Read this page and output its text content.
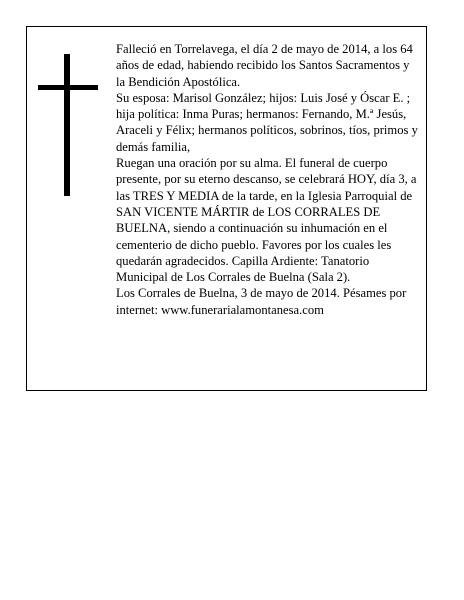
Falleció en Torrelavega, el día 2 de mayo de 2014, a los 64 años de edad, habiendo recibido los Santos Sacramentos y la Bendición Apostólica.

Su esposa: Marisol González; hijos: Luis José y Óscar E. ; hija política: Inma Puras; hermanos: Fernando, M.ª Jesús, Araceli y Félix; hermanos políticos, sobrinos, tíos, primos y demás familia,

Ruegan una oración por su alma. El funeral de cuerpo presente, por su eterno descanso, se celebrará HOY, día 3, a las TRES Y MEDIA de la tarde, en la Iglesia Parroquial de SAN VICENTE MÁRTIR de LOS CORRALES DE BUELNA, siendo a continuación su inhumación en el cementerio de dicho pueblo. Favores por los cuales les quedarán agradecidos. Capilla Ardiente: Tanatorio Municipal de Los Corrales de Buelna (Sala 2).

Los Corrales de Buelna, 3 de mayo de 2014. Pésames por internet: www.funerarialamontanesa.com
